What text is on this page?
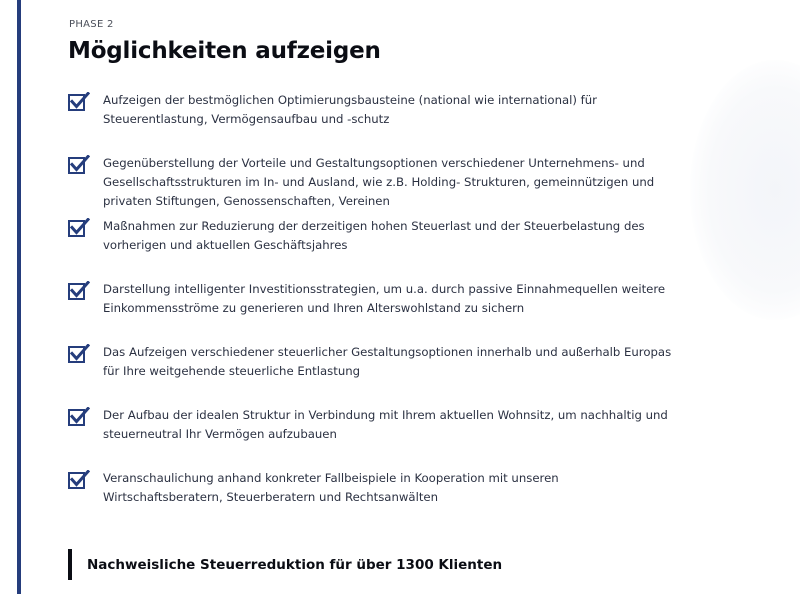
PHASE 2
Möglichkeiten aufzeigen
Aufzeigen der bestmöglichen Optimierungsbausteine (national wie international) für
Steuerentlastung, Vermögensaufbau und -schutz
Gegenüberstellung der Vorteile und Gestaltungsoptionen verschiedener Unternehmens- und
Gesellschaftsstrukturen im In- und Ausland, wie z.B. Holding- Strukturen, gemeinnützigen und
privaten Stiftungen, Genossenschaften, Vereinen
Maßnahmen zur Reduzierung der derzeitigen hohen Steuerlast und der Steuerbelastung des
vorherigen und aktuellen Geschäftsjahres
Darstellung intelligenter Investitionsstrategien, um u.a. durch passive Einnahmequellen weitere
Einkommensströme zu generieren und Ihren Alterswohlstand zu sichern
Das Aufzeigen verschiedener steuerlicher Gestaltungsoptionen innerhalb und außerhalb Europas
für Ihre weitgehende steuerliche Entlastung
Der Aufbau der idealen Struktur in Verbindung mit Ihrem aktuellen Wohnsitz, um nachhaltig und
steuerneutral Ihr Vermögen aufzubauen
Veranschaulichung anhand konkreter Fallbeispiele in Kooperation mit unseren
Wirtschaftsberatern, Steuerberatern und Rechtsanwälten
Nachweisliche Steuerreduktion für über 1300 Klienten
